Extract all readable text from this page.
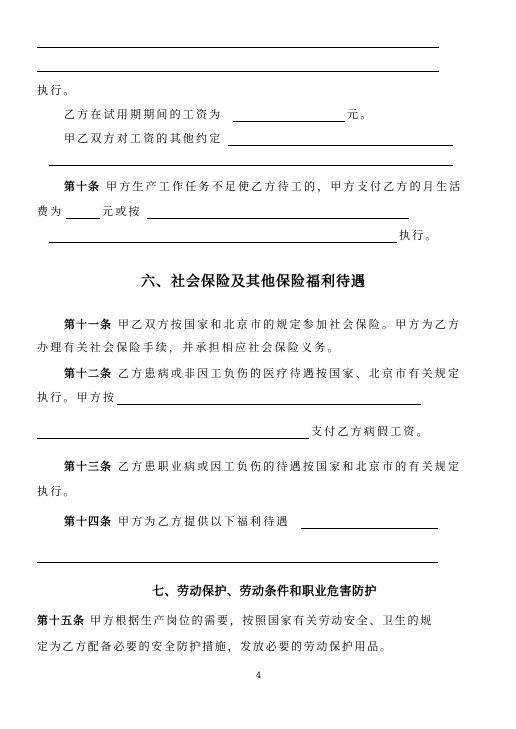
执行。
乙方在试用期期间的工资为	元。
甲乙双方对工资的其他约定
第十条 甲方生产工作任务不足使乙方待工的，甲方支付乙方的月生活
费为	元或按
执行。
六、社会保险及其他保险福利待遇
第十一条 甲乙双方按国家和北京市的规定参加社会保险。甲方为乙方
办理有关社会保险手续，并承担相应社会保险义务。
第十二条 乙方患病或非因工负伤的医疗待遇按国家、北京市有关规定
执行。甲方按
支付乙方病假工资。
第十三条 乙方患职业病或因工负伤的待遇按国家和北京市的有关规定
执行。
第十四条 甲方为乙方提供以下福利待遇
七、劳动保护、劳动条件和职业危害防护
第十五条 甲方根据生产岗位的需要，按照国家有关劳动安全、卫生的规
定为乙方配备必要的安全防护措施，发放必要的劳动保护用品。
4
